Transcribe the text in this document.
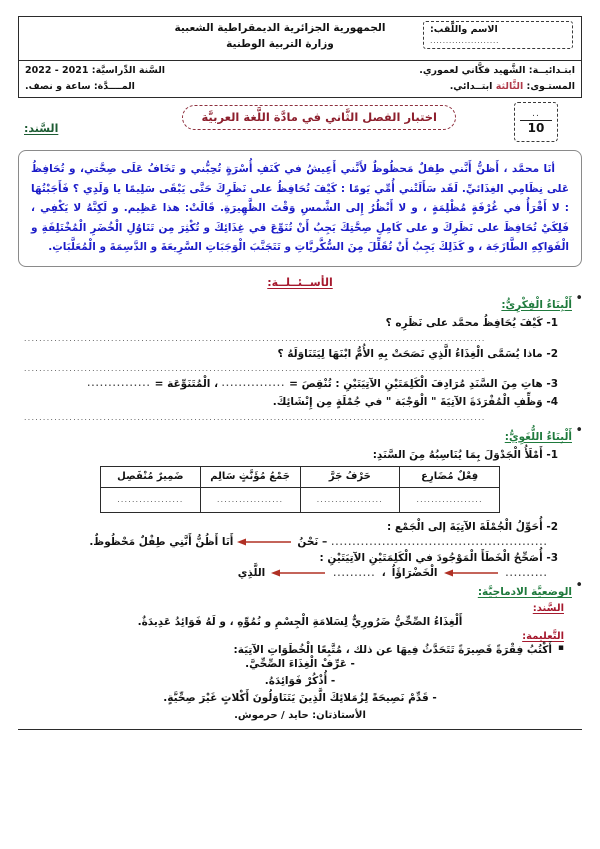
الجمهورية الجزائرية الديمقراطية الشعبية
وزارة التربية الوطنية
الاسم واللَّقب:
......................
ابتـدائيــة: الشَّهيد فكَّاني لعموري.
المستـوى: الثَّالثة ابتــدائي.
السَّنة الدِّراسيَّة: 2021 - 2022
المــــدَّة: ساعة و نصف.
..
10
اختبار الفصل الثَّاني في مادَّة اللَّغة العربيَّة
السَّند:
أنَا محمَّد ، أَظنُّ أَنَّني طِفلٌ مَحظُوظٌ لأَنَّني أَعِيشُ في كَنَفِ أُسْرَةٍ تُحِبُّني و تَخَافُ عَلَى صِحَّتي، و تُحَافِظُ عَلى نِظَامِي الغِذَائيِّ. لَقَد سَأَلَتْني أُمِّي يَومًا : كَيْفَ تُحَافِظُ على نَظَرِكَ حَتَّى يَبْقَى سَلِيمًا يا وَلَدِي ؟ فَأَجَبْتُهَا : لا أَقْرَأُ في غُرْفَةٍ مُظْلِمَةٍ ، و لا أَنْظُرُ إِلى الشَّمسِ وَقْتَ الظَّهِيرَةِ. قَالَتْ: هذا عَظِيم. و لَكِنَّهُ لا يَكْفِي ، فَلِكَيْ تُحَافِظَ على نَظَرِكَ و على كَامِلِ صِحَّتِكَ يَجِبُ أَنْ تُنَوِّعَ في غِذَائِكَ و تُكْثِرَ مِن تَنَاوُلِ الْخُضَرِ الْمُخْتَلِفَةِ و الْفَوَاكِهِ الطَّازَجَة ، و كَذَلِكَ يَجِبُ أَنْ تُقَلِّلَ مِنَ السُّكَّريَّاتِ و تَتَجَنَّبَ الْوَجَبَاتِ السَّرِيعَةَ و الدَّسِمَةَ و الْمُعَلَّبَاتِ.
الأســئــلــة:
• أَلْبِنَاءُ الْفِكْرِيُّ:
1- كَيْفَ يُحَافِظُ محمَّد على نَظَرِه ؟
..........................................................................................................................
2- ماذا يُسَمَّى الْغِذَاءُ الَّذِي نَصَحَتْ بِهِ الأُمُّ ابْنَهَا لِيَتَنَاوَلَهُ ؟
..........................................................................................................................
3- هاتِ مِنَ السَّنَدِ مُرَادِفَ الْكَلِمَتَيْنِ الآتِيَتَيْنِ : تُنْقِصَ = ............... ، الْمُتَنَوِّعَة = ...............
4- وَظِّفِ الْمُفْرَدَةَ الآتِيَةَ " الْوَجْبَة " في جُمْلَةٍ مِن إِنْشَائِكَ.
..........................................................................................................................
• أَلْبِنَاءُ اللُّغَوِيُّ:
1- أَمْلَأُ الْجَدْوَلَ بِمَا يُنَاسِبُهُ مِنَ السَّنَدِ:
فِعْلٌ مُضَارِع	حَرْفُ جَرَّ	جَمْعُ مُؤَنَّثٍ سَالِم	ضَمِيرٌ مُنْفَصِل
..................	..................	..................	..................
2- أُحَوِّلُ الْجُمْلَةَ الآتِيَةَ إلى الْجَمْع :
...................................................
– نَحْنُ
أَنَا أَظُنُّ أَنَّنِي طِفْلٌ مَحْظُوظٌ.
3- أُصَحِّحُ الْخَطَأَ الْمَوْجُودَ في الْكَلِمَتَيْنِ الآتِيَتَيْنِ :
..........
الْخَضْرَاؤَاُ
،
..........
اللَّذِي
• الوضعيَّة الادماجيَّة:
السَّند:
أَلْغِذَاءُ الصِّحِّيُّ ضَرُورِيٌّ لِسَلامَةِ الْجِسْمِ و نُمُوِّهِ ، و لَهُ فَوَائِدُ عَدِيدَةٌ.
التَّعليمة:
▪ أَكْتُبُ فِقْرَةً قَصِيرَةً تَتَحَدَّثُ فِيهَا عن ذلك ، مُتَّبِعًا الْخُطَوَاتِ الآتِيَة:
- عَرِّفْ الْغِذَاءَ الصِّحِّيَّ.
- أُذْكُرْ فَوَائِدَهُ.
- قَدِّمْ نَصِيحَةً لِزُمَلائِكَ الَّذِينَ يَتَنَاوَلُونَ أَكْلاتٍ غَيْرَ صِحِّيَّةٍ.
الأستاذتان: حايد / حرموش.
